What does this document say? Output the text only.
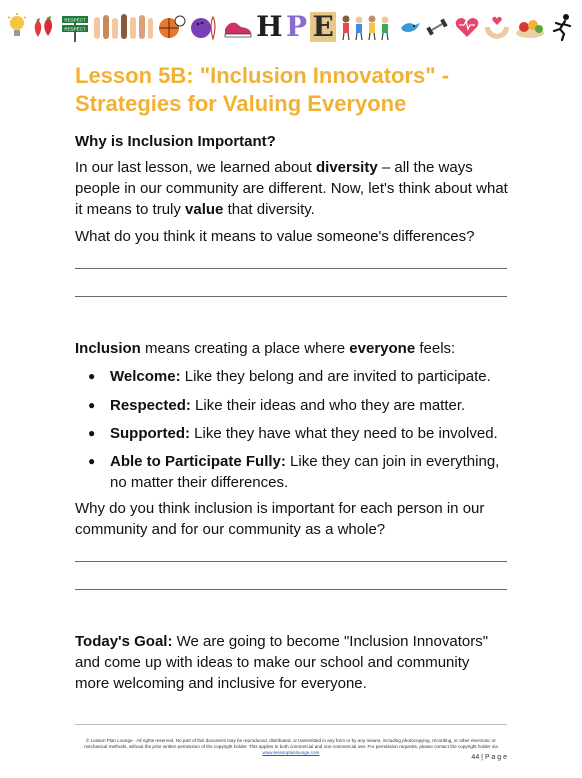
RESPECT
RESPECT	H P E
Lesson 5B: "Inclusion Innovators" - Strategies for Valuing Everyone

Why is Inclusion Important?

In our last lesson, we learned about diversity – all the ways people in our community are different. Now, let's think about what it means to truly value that diversity.

What do you think it means to value someone's differences?

Inclusion means creating a place where everyone feels:

● Welcome: Like they belong and are invited to participate.

● Respected: Like their ideas and who they are matter.

● Supported: Like they have what they need to be involved.

● Able to Participate Fully: Like they can join in everything, no matter their differences.

Why do you think inclusion is important for each person in our community and for our community as a whole?

Today's Goal: We are going to become "Inclusion Innovators" and come up with ideas to make our school and community more welcoming and inclusive for everyone.

© Lesson Plan Lounge - All rights reserved. No part of this document may be reproduced, distributed, or transmitted in any form or by any means, including photocopying, recording, or other electronic or mechanical methods, without the prior written permission of the copyright holder. This applies to both commercial and non-commercial use. For permission requests, please contact the copyright holder via
www.lessonplanlounge.com
44 | P a g e
